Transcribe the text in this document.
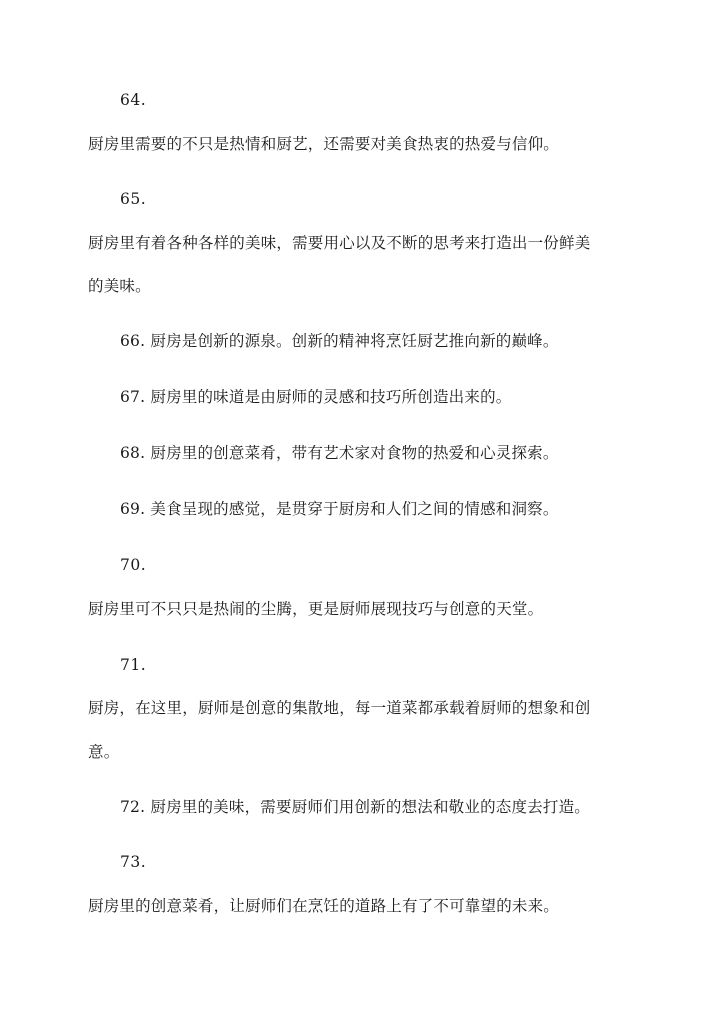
64.
厨房里需要的不只是热情和厨艺，还需要对美食热衷的热爱与信仰。
65.
厨房里有着各种各样的美味，需要用心以及不断的思考来打造出一份鲜美
的美味。
66. 厨房是创新的源泉。创新的精神将烹饪厨艺推向新的巅峰。
67. 厨房里的味道是由厨师的灵感和技巧所创造出来的。
68. 厨房里的创意菜肴，带有艺术家对食物的热爱和心灵探索。
69. 美食呈现的感觉，是贯穿于厨房和人们之间的情感和洞察。
70.
厨房里可不只只是热闹的尘腾，更是厨师展现技巧与创意的天堂。
71.
厨房，在这里，厨师是创意的集散地，每一道菜都承载着厨师的想象和创
意。
72. 厨房里的美味，需要厨师们用创新的想法和敬业的态度去打造。
73.
厨房里的创意菜肴，让厨师们在烹饪的道路上有了不可靠望的未来。
